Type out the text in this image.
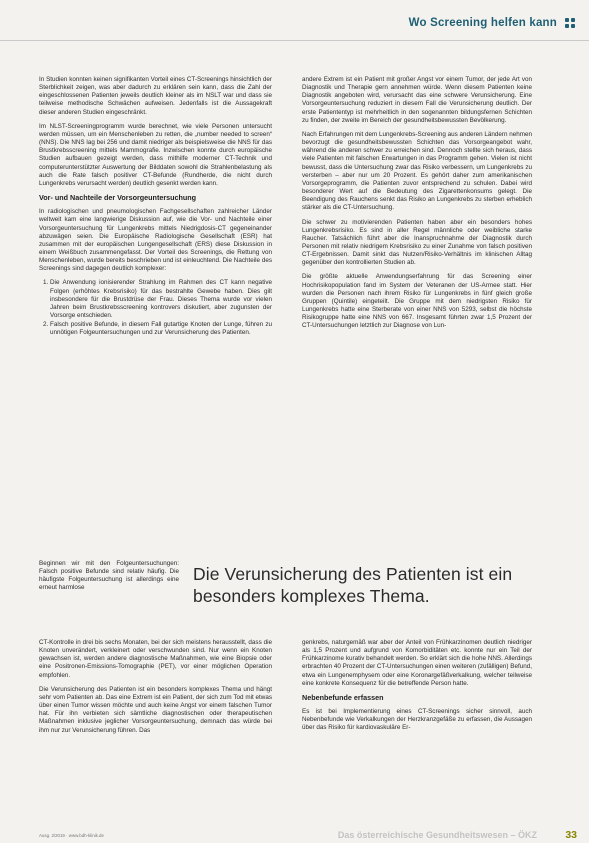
Wo Screening helfen kann

In Studien konnten keinen signifikanten Vorteil eines CT-Screenings hinsichtlich der Sterblichkeit zeigen, was aber dadurch zu erklären sein kann, dass die Zahl der eingeschlossenen Patienten jeweils deutlich kleiner als im NSLT war und dass sie teilweise methodische Schwächen aufweisen. Jedenfalls ist die Aussagekraft dieser anderen Studien eingeschränkt.

Im NLST-Screeningprogramm wurde berechnet, wie viele Personen untersucht werden müssen, um ein Menschenleben zu retten, die „number needed to screen“ (NNS). Die NNS lag bei 256 und damit niedriger als beispielsweise die NNS für das Brustkrebsscreening mittels Mammografie. Inzwischen konnte durch europäische Studien aufbauen gezeigt werden, dass mithilfe moderner CT-Technik und computerunterstützter Auswertung der Bilddaten sowohl die Strahlenbelastung als auch die Rate falsch positiver CT-Befunde (Rundherde, die nicht durch Lungenkrebs verursacht werden) deutlich gesenkt werden kann.

Vor- und Nachteile der Vorsorgeuntersuchung

In radiologischen und pneumologischen Fachgesellschaften zahlreicher Länder weltweit kam eine langwierige Diskussion auf, wie die Vor- und Nachteile einer Vorsorgeuntersuchung für Lungenkrebs mittels Niedrigdosis-CT gegeneinander abzuwägen seien. Die Europäische Radiologische Gesellschaft (ESR) hat zusammen mit der europäischen Lungengesellschaft (ERS) diese Diskussion in einem Weißbuch zusammengefasst. Der Vorteil des Screenings, die Rettung von Menschenleben, wurde bereits beschrieben und ist einleuchtend. Die Nachteile des Screenings sind dagegen deutlich komplexer:

1. Die Anwendung ionisierender Strahlung im Rahmen des CT kann negative Folgen (erhöhtes Krebsrisiko) für das bestrahlte Gewebe haben. Dies gilt insbesondere für die Brustdrüse der Frau. Dieses Thema wurde vor vielen Jahren beim Brustkrebsscreening kontrovers diskutiert, aber zugunsten der Vorsorge entschieden.
2. Falsch positive Befunde, in diesem Fall gutartige Knoten der Lunge, führen zu unnötigen Folgeuntersuchungen und zur Verunsicherung des Patienten.
Beginnen wir mit den Folgeuntersuchungen: Falsch positive Befunde sind relativ häufig. Die häufigste Folgeuntersuchung ist allerdings eine erneut harmlose
Die Verunsicherung des Patienten ist ein besonders komplexes Thema.

CT-Kontrolle in drei bis sechs Monaten, bei der sich meistens herausstellt, dass die Knoten unverändert, verkleinert oder verschwunden sind. Nur wenn ein Knoten gewachsen ist, werden andere diagnostische Maßnahmen, wie eine Biopsie oder eine Positronen-Emissions-Tomographie (PET), vor einer möglichen Operation empfohlen.

Die Verunsicherung des Patienten ist ein besonders komplexes Thema und hängt sehr vom Patienten ab. Das eine Extrem ist ein Patient, der sich zum Tod mit etwas über einen Tumor wissen möchte und auch keine Angst vor einem falschen Tumor hat. Für ihn verbieten sich sämtliche diagnostischen oder therapeutischen Maßnahmen inklusive jeglicher Vorsorgeuntersuchung, demnach das würde bei ihm nur zur Verunsicherung führen. Das

andere Extrem ist ein Patient mit großer Angst vor einem Tumor, der jede Art von Diagnostik und Therapie gern annehmen würde. Wenn diesem Patienten keine Diagnostik angeboten wird, verursacht das eine schwere Verunsicherung. Eine Vorsorgeuntersuchung reduziert in diesem Fall die Verunsicherung deutlich. Der erste Patiententyp ist mehrheitlich in den sogenannten bildungsfernen Schichten zu finden, der zweite im Bereich der gesundheitsbewussten Bevölkerung.

Nach Erfahrungen mit dem Lungenkrebs-Screening aus anderen Ländern nehmen bevorzugt die gesundheitsbewussten Schichten das Vorsorgeangebot wahr, während die anderen schwer zu erreichen sind. Dennoch stellte sich heraus, dass viele Patienten mit falschen Erwartungen in das Programm gehen. Vielen ist nicht bewusst, dass die Untersuchung zwar das Risiko verbessern, um Lungenkrebs zu versterben – aber nur um 20 Prozent. Es gehört daher zum amerikanischen Vorsorgeprogramm, die Patienten zuvor entsprechend zu schulen. Dabei wird besonderer Wert auf die Bedeutung des Zigarettenkonsums gelegt. Die Beendigung des Rauchens senkt das Risiko an Lungenkrebs zu sterben erheblich stärker als die CT-Untersuchung.

Die schwer zu motivierenden Patienten haben aber ein besonders hohes Lungenkrebsrisiko. Es sind in aller Regel männliche oder weibliche starke Raucher. Tatsächlich führt aber die Inanspruchnahme der Diagnostik durch Personen mit relativ niedrigem Krebsrisiko zu einer Zunahme von falsch positiven CT-Ergebnissen. Damit sinkt das Nutzen/Risiko-Verhältnis im klinischen Alltag gegenüber den kontrollierten Studien ab.

Die größte aktuelle Anwendungserfahrung für das Screening einer Hochrisikopopulation fand im System der Veteranen der US-Armee statt. Hier wurden die Personen nach ihrem Risiko für Lungenkrebs in fünf gleich große Gruppen (Quintile) eingeteilt. Die Gruppe mit dem niedrigsten Risiko für Lungenkrebs hatte eine Sterberate von einer NNS von 5293, selbst die höchste Risikogruppe hatte eine NNS von 667. Insgesamt führten zwar 1,5 Prozent der CT-Untersuchungen letztlich zur Diagnose von Lun-

genkrebs, naturgemäß war aber der Anteil von Frühkarzinomen deutlich niedriger als 1,5 Prozent und aufgrund von Komorbiditäten etc. konnte nur ein Teil der Frühkarzinome kurativ behandelt werden. So erklärt sich die hohe NNS. Allerdings erbrachten 40 Prozent der CT-Untersuchungen einen weiteren (zufälligen) Befund, etwa ein Lungenemphysem oder eine Koronargefäßverkalkung, welcher teilweise eine konkrete Konsequenz für die betreffende Person hatte.

Nebenbefunde erfassen

Es ist bei Implementierung eines CT-Screenings sicher sinnvoll, auch Nebenbefunde wie Verkalkungen der Herzkranzgefäße zu erfassen, die Aussagen über das Risiko für kardiovaskuläre Er-

Ausg. 2/2019 · www.bdh-klinik.de	Das österreichische Gesundheitswesen – ÖKZ	33
